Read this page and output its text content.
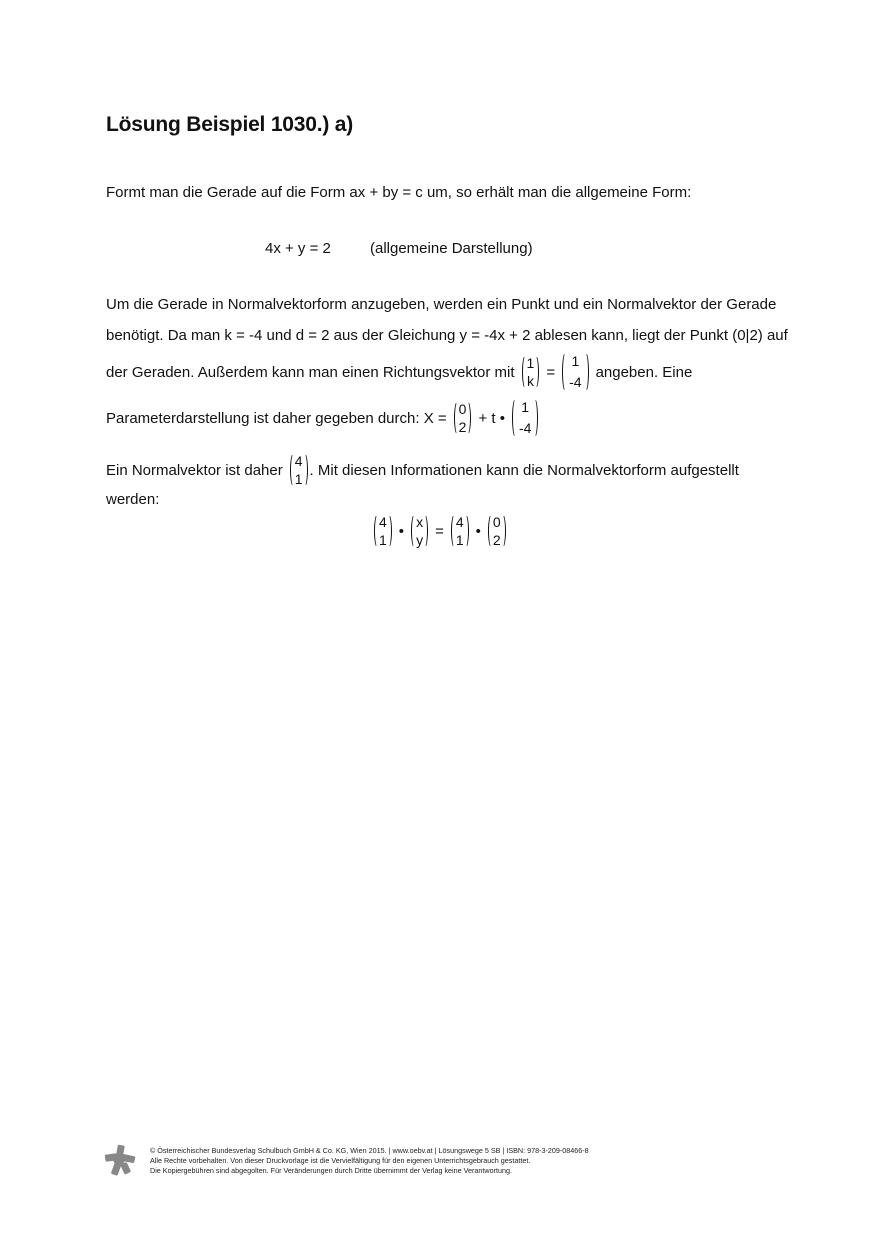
Lösung Beispiel 1030.) a)
Formt man die Gerade auf die Form ax + by = c um, so erhält man die allgemeine Form:
4x + y = 2	(allgemeine Darstellung)
Um die Gerade in Normalvektorform anzugeben, werden ein Punkt und ein Normalvektor der Gerade
benötigt. Da man k = -4 und d = 2 aus der Gleichung y = -4x + 2 ablesen kann, liegt der Punkt (0|2) auf
der Geraden. Außerdem kann man einen Richtungsvektor mit
1
k
=
1
-4
angeben. Eine
Parameterdarstellung ist daher gegeben durch: X =
0
2
+ t •
1
-4
Ein Normalvektor ist daher
4
1
. Mit diesen Informationen kann die Normalvektorform aufgestellt
werden:
4
1
•
x
y
=
4
1
•
0
2
© Österreichischer Bundesverlag Schulbuch GmbH & Co. KG, Wien 2015. | www.oebv.at | Lösungswege 5 SB | ISBN: 978-3-209-08466-8
Alle Rechte vorbehalten. Von dieser Druckvorlage ist die Vervielfältigung für den eigenen Unterrichtsgebrauch gestattet.
Die Kopiergebühren sind abgegolten. Für Veränderungen durch Dritte übernimmt der Verlag keine Verantwortung.
